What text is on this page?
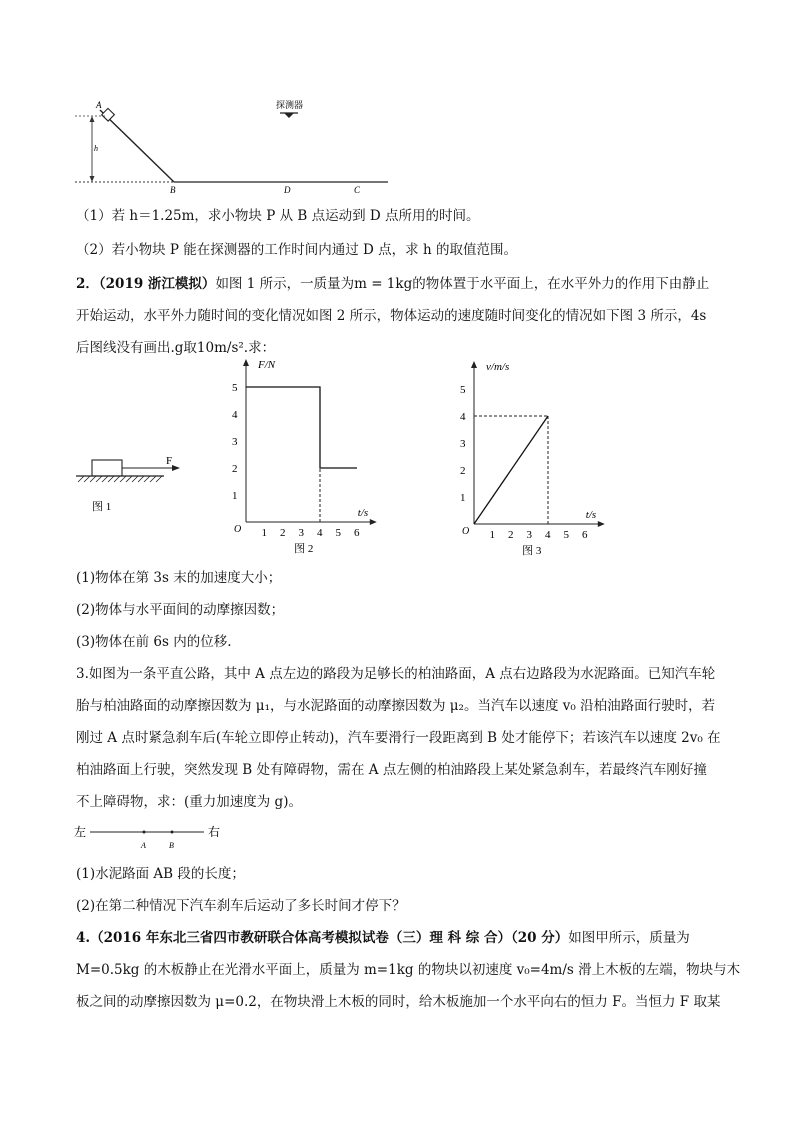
A
h
B	D	C
探测器
（1）若 h＝1.25m，求小物块 P 从 B 点运动到 D 点所用的时间。
（2）若小物块 P 能在探测器的工作时间内通过 D 点，求 h 的取值范围。
2．（2019 浙江模拟）如图 1 所示，一质量为m = 1kg的物体置于水平面上，在水平外力的作用下由静止
开始运动，水平外力随时间的变化情况如图 2 所示，物体运动的速度随时间变化的情况如下图 3 所示，4s
后图线没有画出.g取10m/s².求：
F
图 1
F/N
t/s
O 1 2 3 4 5 6
1
2
3
4
5
图 2
v/m/s
t/s
O 1 2 3 4 5 6
1
2
3
4
5
图 3
(1)物体在第 3s 末的加速度大小；
(2)物体与水平面间的动摩擦因数；
(3)物体在前 6s 内的位移.
3.如图为一条平直公路，其中 A 点左边的路段为足够长的柏油路面，A 点右边路段为水泥路面。已知汽车轮
胎与柏油路面的动摩擦因数为 μ₁，与水泥路面的动摩擦因数为 μ₂。当汽车以速度 v₀ 沿柏油路面行驶时，若
刚过 A 点时紧急刹车后(车轮立即停止转动)，汽车要滑行一段距离到 B 处才能停下；若该汽车以速度 2v₀ 在
柏油路面上行驶，突然发现 B 处有障碍物，需在 A 点左侧的柏油路段上某处紧急刹车，若最终汽车刚好撞
不上障碍物，求：(重力加速度为 g)。
左
A	B
右
(1)水泥路面 AB 段的长度；
(2)在第二种情况下汽车刹车后运动了多长时间才停下？
4.（2016 年东北三省四市教研联合体高考模拟试卷（三）理 科 综 合）（20 分）如图甲所示，质量为
M=0.5kg 的木板静止在光滑水平面上，质量为 m=1kg 的物块以初速度 v₀=4m/s 滑上木板的左端，物块与木
板之间的动摩擦因数为 μ=0.2，在物块滑上木板的同时，给木板施加一个水平向右的恒力 F。当恒力 F 取某
